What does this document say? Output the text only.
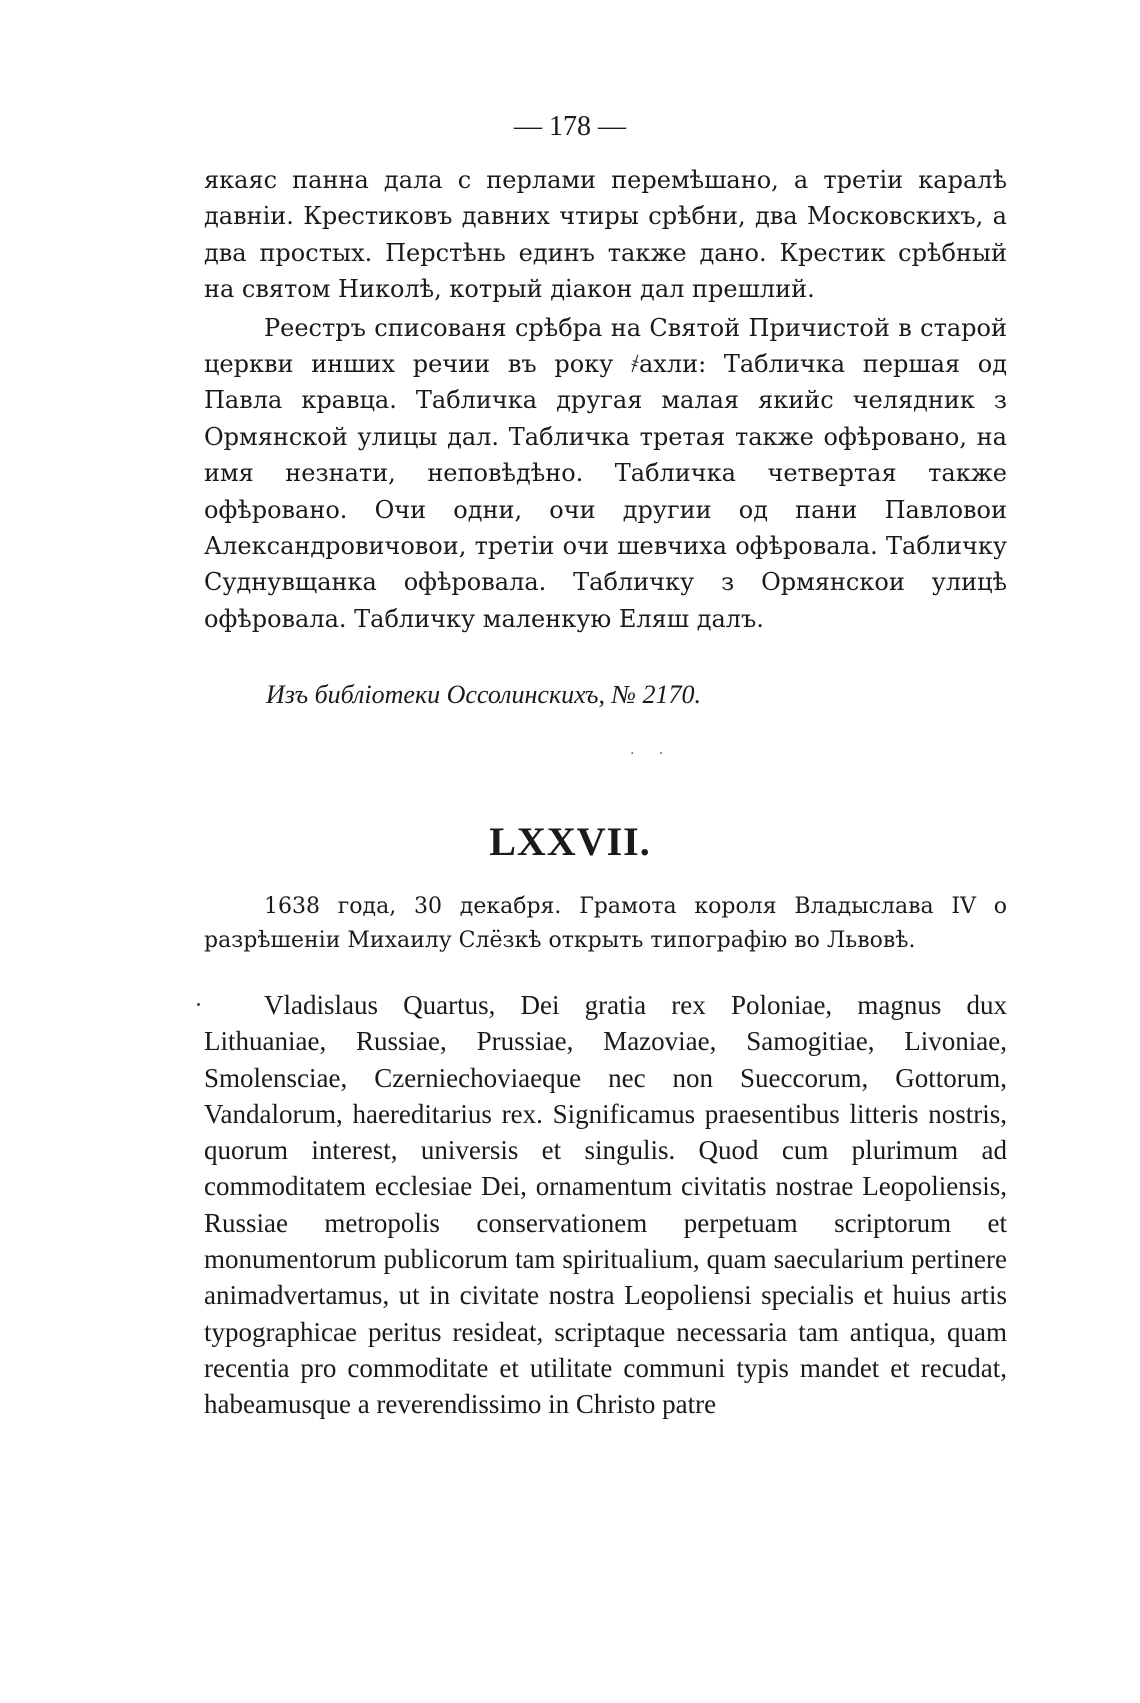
— 178 —

якаяс панна дала с перлами перемѣшано, а третіи каралѣ давніи. Крестиковъ давних чтиры срѣбни, два Московскихъ, а два простых. Перстѣнь единъ также дано. Крестик срѣбный на святом Николѣ, котрый діакон дал прешлий.

Реестръ списованя срѣбра на Святой Причистой в старой церкви инших речии въ року ҂ахли: Табличка першая од Павла кравца. Табличка другая малая якийс челядник з Ормянской улицы дал. Табличка третая также офѣровано, на имя незнати, неповѣдѣно. Табличка четвертая также офѣровано. Очи одни, очи другии од пани Павловои Александровичовои, третіи очи шевчиха офѣровала. Табличку Суднувщанка офѣровала. Табличку з Ормянскои улицѣ офѣровала. Табличку маленкую Еляш далъ.

Изъ библіотеки Оссолинскихъ, № 2170.
· ·
LXXVII.
1638 года, 30 декабря. Грамота короля Владыслава IV о разрѣшеніи Михаилу Слёзкѣ открыть типографію во Львовѣ.

Vladislaus Quartus, Dei gratia rex Poloniae, magnus dux Lithuaniae, Russiae, Prussiae, Mazoviae, Samogitiae, Livoniae, Smolensciae, Czerniechoviaeque nec non Sueccorum, Gottorum, Vandalorum, haereditarius rex. Significamus praesentibus litteris nostris, quorum interest, universis et singulis. Quod cum plurimum ad commoditatem ecclesiae Dei, ornamentum civitatis nostrae Leopoliensis, Russiae metropolis conservationem perpetuam scriptorum et monumentorum publicorum tam spiritualium, quam saecularium pertinere animadvertamus, ut in civitate nostra Leopoliensi specialis et huius artis typographicae peritus resideat, scriptaque necessaria tam antiqua, quam recentia pro commoditate et utilitate communi typis mandet et recudat, habeamusque a reverendissimo in Christo patre
